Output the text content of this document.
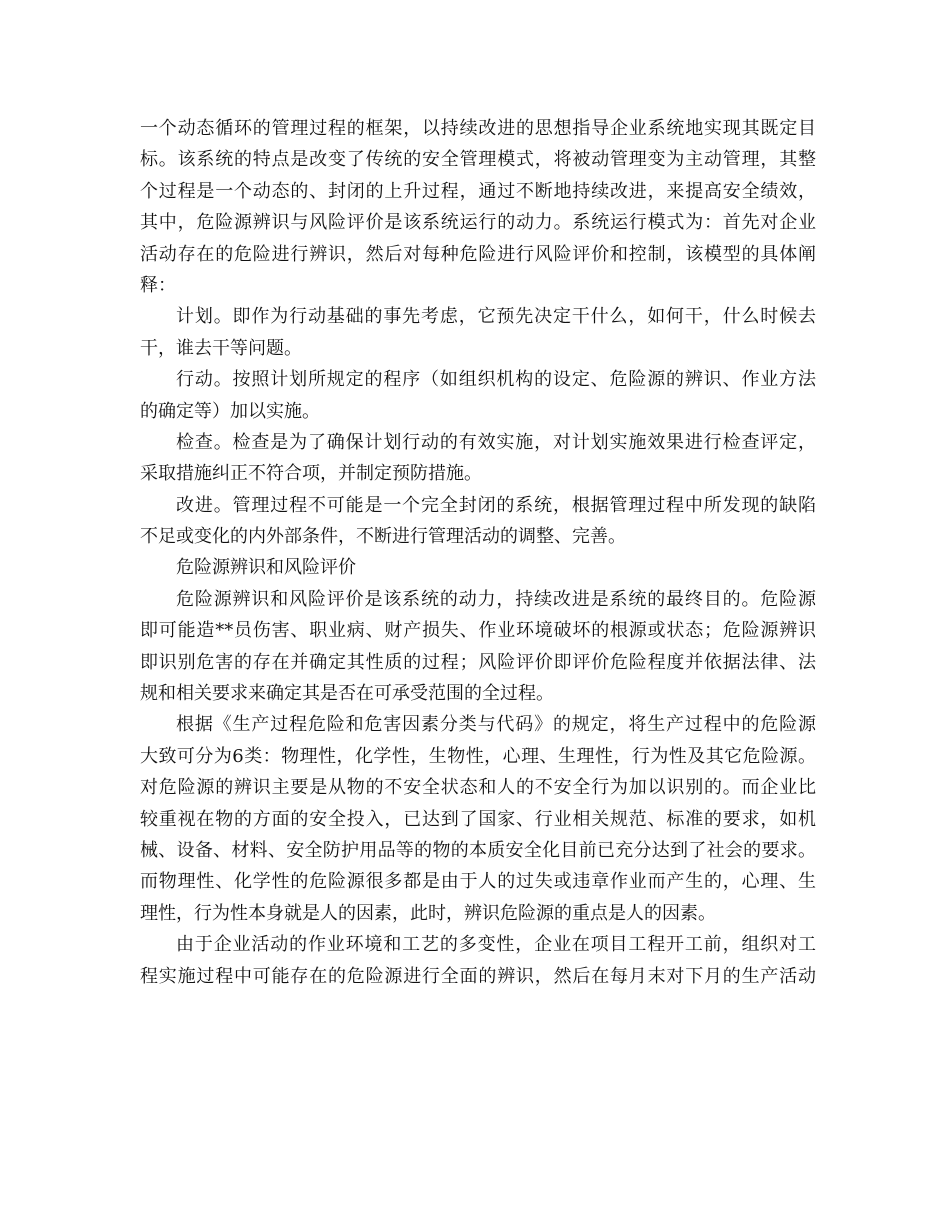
一个动态循环的管理过程的框架，以持续改进的思想指导企业系统地实现其既定目
标。该系统的特点是改变了传统的安全管理模式，将被动管理变为主动管理，其整
个过程是一个动态的、封闭的上升过程，通过不断地持续改进，来提高安全绩效，
其中，危险源辨识与风险评价是该系统运行的动力。系统运行模式为：首先对企业
活动存在的危险进行辨识，然后对每种危险进行风险评价和控制，该模型的具体阐
释：
计划。即作为行动基础的事先考虑，它预先决定干什么，如何干，什么时候去
干，谁去干等问题。
行动。按照计划所规定的程序（如组织机构的设定、危险源的辨识、作业方法
的确定等）加以实施。
检查。检查是为了确保计划行动的有效实施，对计划实施效果进行检查评定，
采取措施纠正不符合项，并制定预防措施。
改进。管理过程不可能是一个完全封闭的系统，根据管理过程中所发现的缺陷
不足或变化的内外部条件，不断进行管理活动的调整、完善。
危险源辨识和风险评价
危险源辨识和风险评价是该系统的动力，持续改进是系统的最终目的。危险源
即可能造**员伤害、职业病、财产损失、作业环境破坏的根源或状态；危险源辨识
即识别危害的存在并确定其性质的过程；风险评价即评价危险程度并依据法律、法
规和相关要求来确定其是否在可承受范围的全过程。
根据《生产过程危险和危害因素分类与代码》的规定，将生产过程中的危险源
大致可分为6类：物理性，化学性，生物性，心理、生理性，行为性及其它危险源。
对危险源的辨识主要是从物的不安全状态和人的不安全行为加以识别的。而企业比
较重视在物的方面的安全投入，已达到了国家、行业相关规范、标准的要求，如机
械、设备、材料、安全防护用品等的物的本质安全化目前已充分达到了社会的要求。
而物理性、化学性的危险源很多都是由于人的过失或违章作业而产生的，心理、生
理性，行为性本身就是人的因素，此时，辨识危险源的重点是人的因素。
由于企业活动的作业环境和工艺的多变性，企业在项目工程开工前，组织对工
程实施过程中可能存在的危险源进行全面的辨识，然后在每月末对下月的生产活动
